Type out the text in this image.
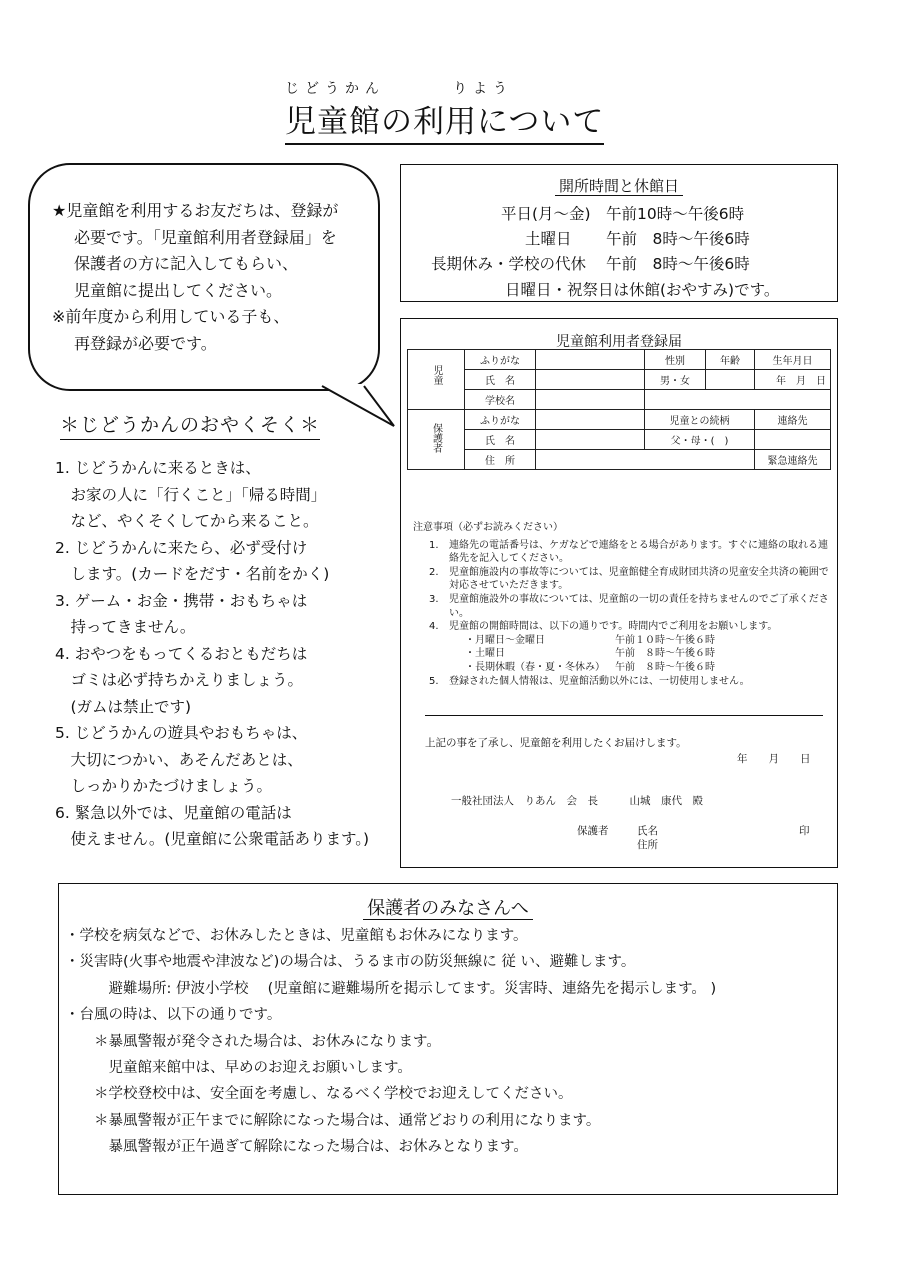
じどうかん	りよう
児童館の利用について
★児童館を利用するお友だちは、登録が
必要です。「児童館利用者登録届」を
保護者の方に記入してもらい、
児童館に提出してください。
※前年度から利用している子も、
再登録が必要です。
開所時間と休館日
平日(月～金) 午前10時～午後6時
土曜日 午前　8時～午後6時
長期休み・学校の代休 午前　8時～午後6時
日曜日・祝祭日は休館(おやすみ)です。
児童館利用者登録届
児童	ふりがな		性別	年齢	生年月日
	氏　名		男・女		年　月　日
	学校名				
保護者	ふりがな		児童との続柄		連絡先
	氏　名		父・母・(　)		
	住　所				緊急連絡先
注意事項（必ずお読みください）
1.	連絡先の電話番号は、ケガなどで連絡をとる場合があります。すぐに連絡の取れる連絡先を記入してください。
2.	児童館施設内の事故等については、児童館健全育成財団共済の児童安全共済の範囲で対応させていただきます。
3.	児童館施設外の事故については、児童館の一切の責任を持ちませんのでご了承ください。
4.	児童館の開館時間は、以下の通りです。時間内でご利用をお願いします。
・月曜日～金曜日	午前１０時～午後６時
・土曜日	午前　８時～午後６時
・長期休暇（春・夏・冬休み）	午前　８時～午後６時
5.	登録された個人情報は、児童館活動以外には、一切使用しません。
上記の事を了承し、児童館を利用したくお届けします。
年　　月　　日
一般社団法人　りあん　会　長　　　山城　康代　殿
保護者	氏名
住所
印
＊じどうかんのおやくそく＊
1. じどうかんに来るときは、
　お家の人に「行くこと」「帰る時間」
　など、やくそくしてから来ること。
2. じどうかんに来たら、必ず受付け
　します。(カードをだす・名前をかく)
3. ゲーム・お金・携帯・おもちゃは
　持ってきません。
4. おやつをもってくるおともだちは
　ゴミは必ず持ちかえりましょう。
　(ガムは禁止です)
5. じどうかんの遊具やおもちゃは、
　大切につかい、あそんだあとは、
　しっかりかたづけましょう。
6. 緊急以外では、児童館の電話は
　使えません。(児童館に公衆電話あります。)
保護者のみなさんへ
・学校を病気などで、お休みしたときは、児童館もお休みになります。
・災害時(火事や地震や津波など)の場合は、うるま市の防災無線に 従 い、避難します。
　　　避難場所: 伊波小学校　 (児童館に避難場所を掲示してます。災害時、連絡先を掲示します。 )
・台風の時は、以下の通りです。
　　＊暴風警報が発令された場合は、お休みになります。
　　　児童館来館中は、早めのお迎えお願いします。
　　＊学校登校中は、安全面を考慮し、なるべく学校でお迎えしてください。
　　＊暴風警報が正午までに解除になった場合は、通常どおりの利用になります。
　　　暴風警報が正午過ぎて解除になった場合は、お休みとなります。
